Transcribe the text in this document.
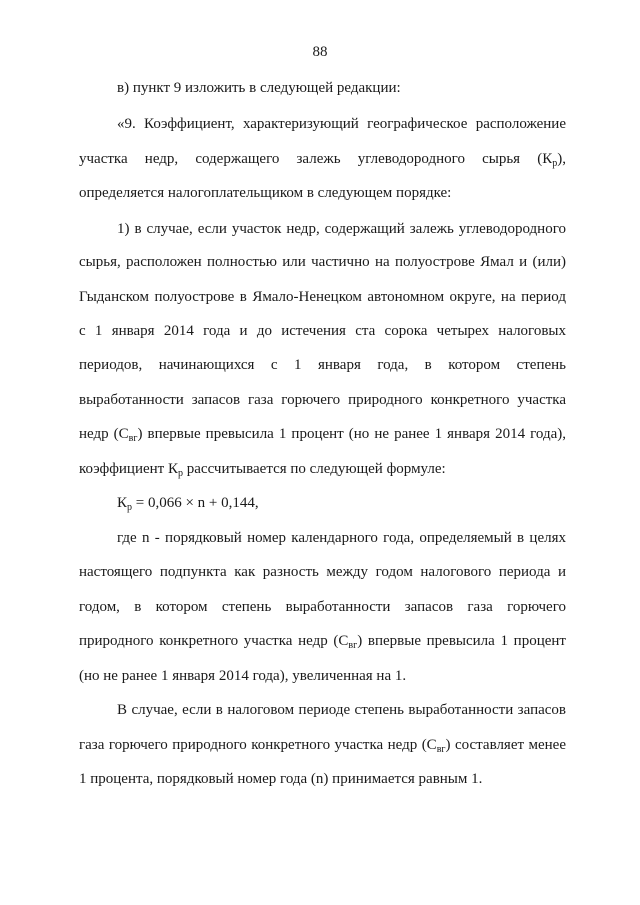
88
в) пункт 9 изложить в следующей редакции:
«9. Коэффициент, характеризующий географическое расположение
участка недр, содержащего залежь углеводородного сырья $(К_р)$,
определяется налогоплательщиком в следующем порядке:
1) в случае, если участок недр, содержащий залежь углеводородного
сырья, расположен полностью или частично на полуострове Ямал и (или)
Гыданском полуострове в Ямало-Ненецком автономном округе, на период
с 1 января 2014 года и до истечения ста сорока четырех налоговых
периодов, начинающихся с 1 января года, в котором степень
выработанности запасов газа горючего природного конкретного участка
недр $(С_{вг})$ впервые превысила 1 процент (но не ранее 1 января 2014 года),
коэффициент $К_р$ рассчитывается по следующей формуле:
$К_р = 0,066 \times n + 0,144$,
где n - порядковый номер календарного года, определяемый в целях
настоящего подпункта как разность между годом налогового периода и
годом, в котором степень выработанности запасов газа горючего
природного конкретного участка недр $(С_{вг})$ впервые превысила 1 процент
(но не ранее 1 января 2014 года), увеличенная на 1.
В случае, если в налоговом периоде степень выработанности запасов
газа горючего природного конкретного участка недр $(С_{вг})$ составляет менее
1 процента, порядковый номер года (n) принимается равным 1.
